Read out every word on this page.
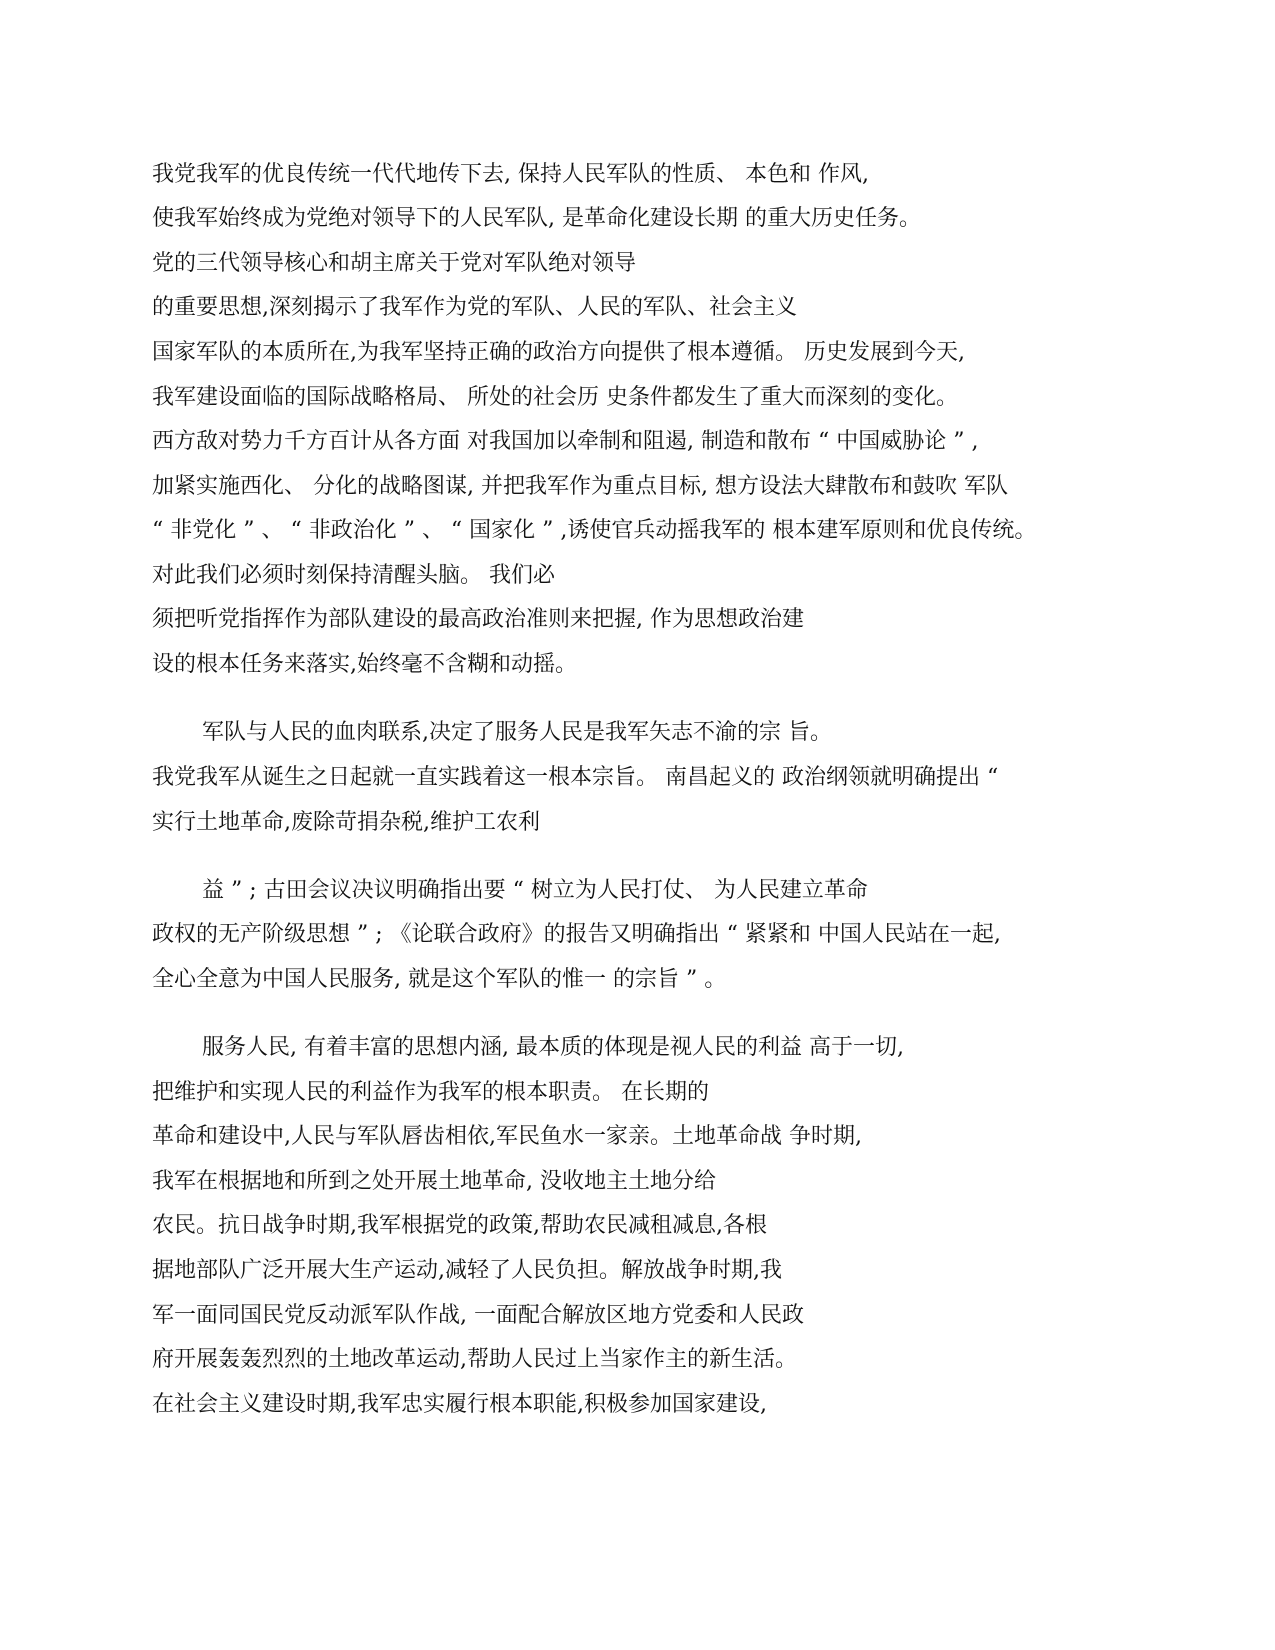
我党我军的优良传统一代代地传下去, 保持人民军队的性质、 本色和 作风,
使我军始终成为党绝对领导下的人民军队, 是革命化建设长期 的重大历史任务。
党的三代领导核心和胡主席关于党对军队绝对领导
的重要思想,深刻揭示了我军作为党的军队、人民的军队、社会主义
国家军队的本质所在,为我军坚持正确的政治方向提供了根本遵循。 历史发展到今天,
我军建设面临的国际战略格局、 所处的社会历 史条件都发生了重大而深刻的变化。
西方敌对势力千方百计从各方面 对我国加以牵制和阻遏, 制造和散布 “ 中国威胁论 ” ,
加紧实施西化、 分化的战略图谋, 并把我军作为重点目标, 想方设法大肆散布和鼓吹 军队
“ 非党化 ” 、 “ 非政治化 ” 、 “ 国家化 ” ,诱使官兵动摇我军的 根本建军原则和优良传统。
对此我们必须时刻保持清醒头脑。 我们必
须把听党指挥作为部队建设的最高政治准则来把握, 作为思想政治建
设的根本任务来落实,始终毫不含糊和动摇。
军队与人民的血肉联系,决定了服务人民是我军矢志不渝的宗 旨。
我党我军从诞生之日起就一直实践着这一根本宗旨。 南昌起义的 政治纲领就明确提出 “
实行土地革命,废除苛捐杂税,维护工农利
益 ” ; 古田会议决议明确指出要 “ 树立为人民打仗、 为人民建立革命
政权的无产阶级思想 ” ; 《论联合政府》的报告又明确指出 “ 紧紧和 中国人民站在一起,
全心全意为中国人民服务, 就是这个军队的惟一 的宗旨 ” 。
服务人民, 有着丰富的思想内涵, 最本质的体现是视人民的利益 高于一切,
把维护和实现人民的利益作为我军的根本职责。 在长期的
革命和建设中,人民与军队唇齿相依,军民鱼水一家亲。土地革命战 争时期,
我军在根据地和所到之处开展土地革命, 没收地主土地分给
农民。抗日战争时期,我军根据党的政策,帮助农民减租减息,各根
据地部队广泛开展大生产运动,减轻了人民负担。解放战争时期,我
军一面同国民党反动派军队作战, 一面配合解放区地方党委和人民政
府开展轰轰烈烈的土地改革运动,帮助人民过上当家作主的新生活。
在社会主义建设时期,我军忠实履行根本职能,积极参加国家建设,
